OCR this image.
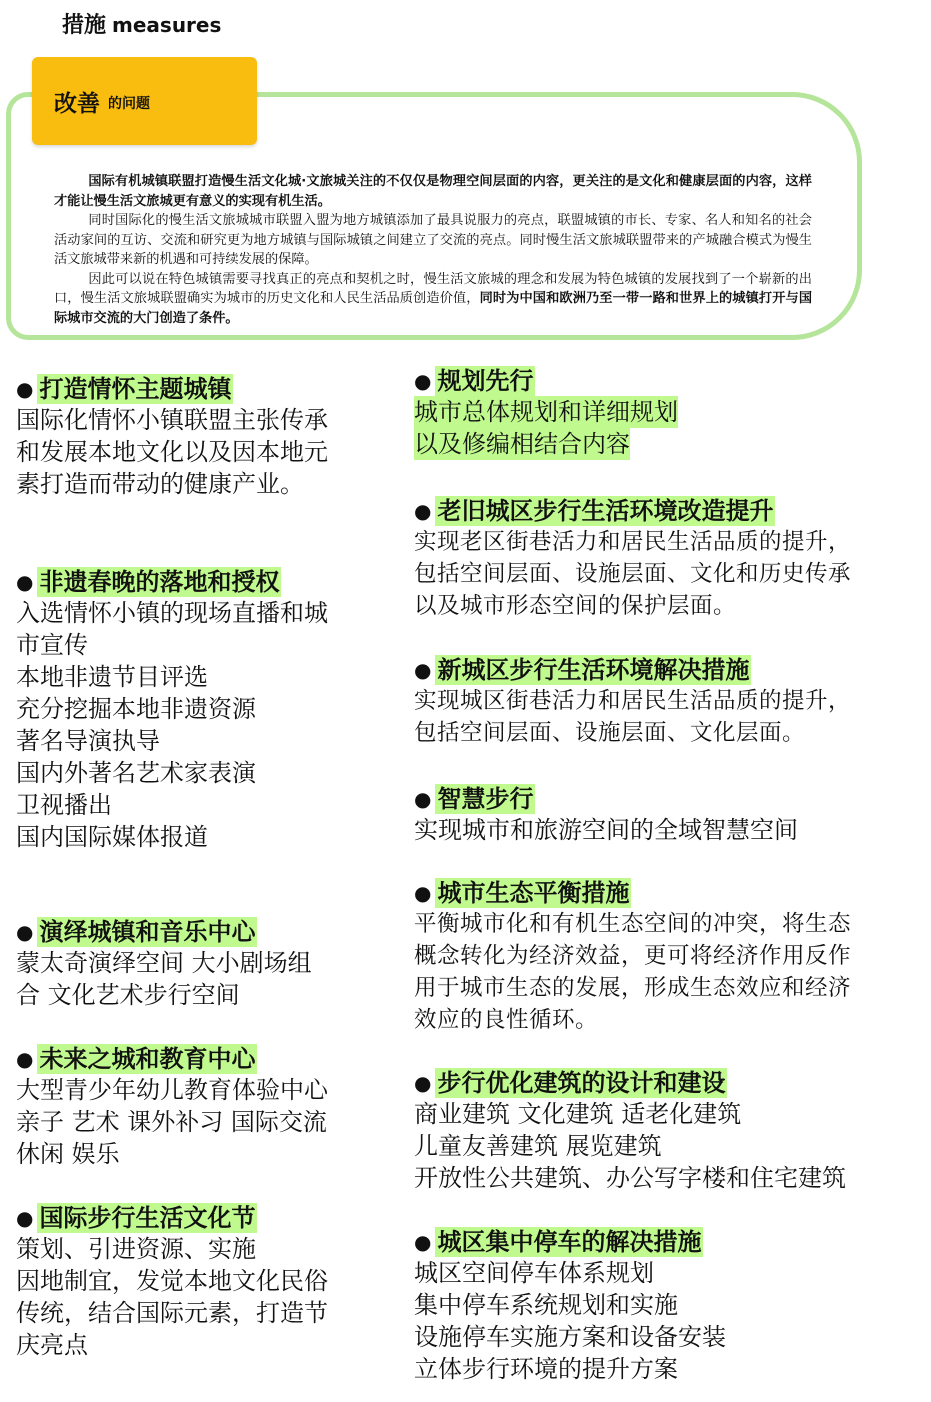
措施 measures
改善 的问题

国际有机城镇联盟打造慢生活文化城·文旅城关注的不仅仅是物理空间层面的内容，更关注的是文化和健康层面的内容，这样才能让慢生活文旅城更有意义的实现有机生活。

同时国际化的慢生活文旅城城市联盟入盟为地方城镇添加了最具说服力的亮点，联盟城镇的市长、专家、名人和知名的社会活动家间的互访、交流和研究更为地方城镇与国际城镇之间建立了交流的亮点。同时慢生活文旅城联盟带来的产城融合模式为慢生活文旅城带来新的机遇和可持续发展的保障。

因此可以说在特色城镇需要寻找真正的亮点和契机之时，慢生活文旅城的理念和发展为特色城镇的发展找到了一个崭新的出口，慢生活文旅城联盟确实为城市的历史文化和人民生活品质创造价值，同时为中国和欧洲乃至一带一路和世界上的城镇打开与国际城市交流的大门创造了条件。

● 打造情怀主题城镇
国际化情怀小镇联盟主张传承
和发展本地文化以及因本地元
素打造而带动的健康产业。
● 非遗春晚的落地和授权
入选情怀小镇的现场直播和城
市宣传
本地非遗节目评选
充分挖掘本地非遗资源
著名导演执导
国内外著名艺术家表演
卫视播出
国内国际媒体报道
● 演绎城镇和音乐中心
蒙太奇演绎空间 大小剧场组
合 文化艺术步行空间
● 未来之城和教育中心
大型青少年幼儿教育体验中心
亲子 艺术 课外补习 国际交流
休闲 娱乐
● 国际步行生活文化节
策划、引进资源、实施
因地制宜，发觉本地文化民俗
传统，结合国际元素，打造节
庆亮点
● 规划先行
城市总体规划和详细规划
以及修编相结合内容
● 老旧城区步行生活环境改造提升
实现老区街巷活力和居民生活品质的提升，
包括空间层面、设施层面、文化和历史传承
以及城市形态空间的保护层面。
● 新城区步行生活环境解决措施
实现城区街巷活力和居民生活品质的提升，
包括空间层面、设施层面、文化层面。
● 智慧步行
实现城市和旅游空间的全域智慧空间
● 城市生态平衡措施
平衡城市化和有机生态空间的冲突，将生态
概念转化为经济效益，更可将经济作用反作
用于城市生态的发展，形成生态效应和经济
效应的良性循环。
● 步行优化建筑的设计和建设
商业建筑 文化建筑 适老化建筑
儿童友善建筑 展览建筑
开放性公共建筑、办公写字楼和住宅建筑
● 城区集中停车的解决措施
城区空间停车体系规划
集中停车系统规划和实施
设施停车实施方案和设备安装
立体步行环境的提升方案
